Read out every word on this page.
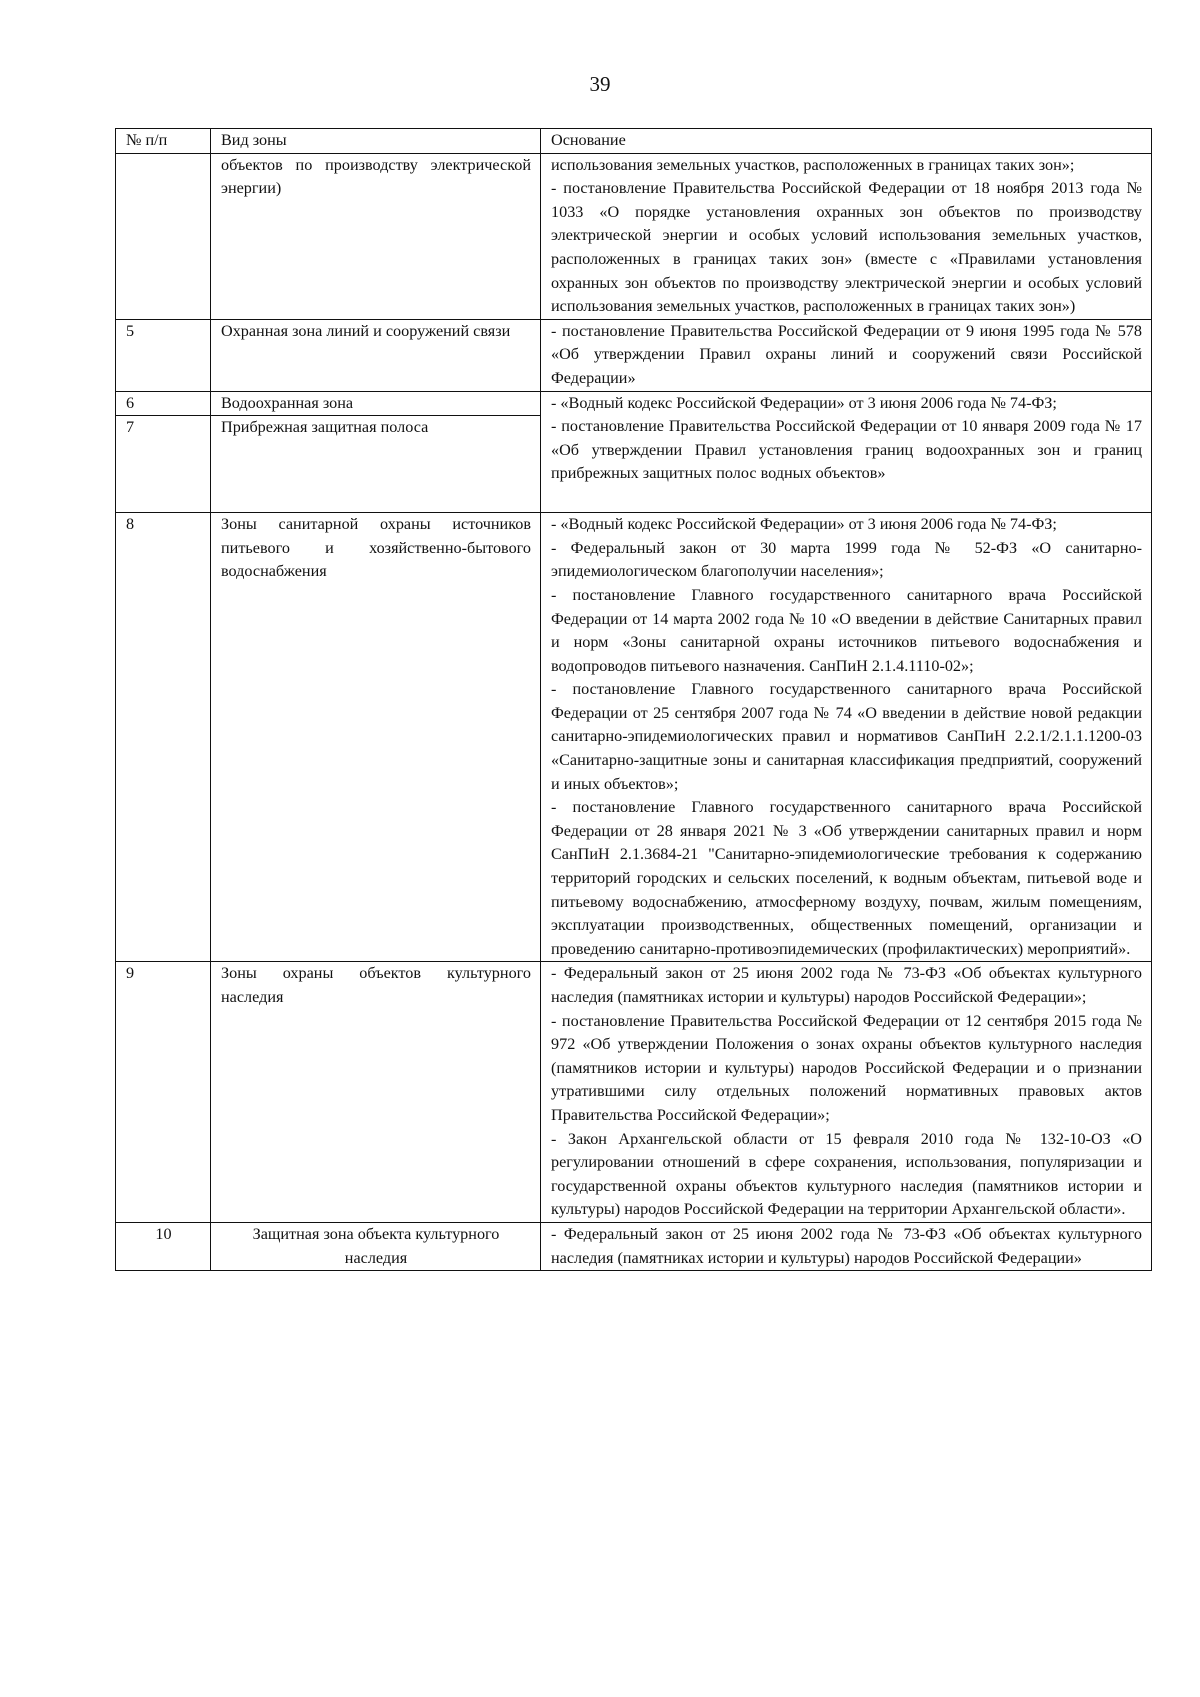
39
№ п/п	Вид зоны	Основание
	объектов по производству электрической энергии)	использования земельных участков, расположенных в границах таких зон»;

- постановление Правительства Российской Федерации от 18 ноября 2013 года № 1033 «О порядке установления охранных зон объектов по производству электрической энергии и особых условий использования земельных участков, расположенных в границах таких зон» (вместе с «Правилами установления охранных зон объектов по производству электрической энергии и особых условий использования земельных участков, расположенных в границах таких зон»)

5	Охранная зона линий и сооружений связи	- постановление Правительства Российской Федерации от 9 июня 1995 года № 578 «Об утверждении Правил охраны линий и сооружений связи Российской Федерации»

6	Водоохранная зона	- «Водный кодекс Российской Федерации» от 3 июня 2006 года № 74-ФЗ;

- постановление Правительства Российской Федерации от 10 января 2009 года № 17 «Об утверждении Правил установления границ водоохранных зон и границ прибрежных защитных полос водных объектов»

7	Прибрежная защитная полоса	
8	Зоны санитарной охраны источников питьевого и хозяйственно-бытового водоснабжения	- «Водный кодекс Российской Федерации» от 3 июня 2006 года № 74-ФЗ;

- Федеральный закон от 30 марта 1999 года № 52-ФЗ «О санитарно-эпидемиологическом благополучии населения»;

- постановление Главного государственного санитарного врача Российской Федерации от 14 марта 2002 года № 10 «О введении в действие Санитарных правил и норм «Зоны санитарной охраны источников питьевого водоснабжения и водопроводов питьевого назначения. СанПиН 2.1.4.1110-02»;

- постановление Главного государственного санитарного врача Российской Федерации от 25 сентября 2007 года № 74 «О введении в действие новой редакции санитарно-эпидемиологических правил и нормативов СанПиН 2.2.1/2.1.1.1200-03 «Санитарно-защитные зоны и санитарная классификация предприятий, сооружений и иных объектов»;

- постановление Главного государственного санитарного врача Российской Федерации от 28 января 2021 № 3 «Об утверждении санитарных правил и норм СанПиН 2.1.3684-21 "Санитарно-эпидемиологические требования к содержанию территорий городских и сельских поселений, к водным объектам, питьевой воде и питьевому водоснабжению, атмосферному воздуху, почвам, жилым помещениям, эксплуатации производственных, общественных помещений, организации и проведению санитарно-противоэпидемических (профилактических) мероприятий».

9	Зоны охраны объектов культурного наследия	- Федеральный закон от 25 июня 2002 года № 73-ФЗ «Об объектах культурного наследия (памятниках истории и культуры) народов Российской Федерации»;

- постановление Правительства Российской Федерации от 12 сентября 2015 года № 972 «Об утверждении Положения о зонах охраны объектов культурного наследия (памятников истории и культуры) народов Российской Федерации и о признании утратившими силу отдельных положений нормативных правовых актов Правительства Российской Федерации»;

- Закон Архангельской области от 15 февраля 2010 года № 132-10-ОЗ «О регулировании отношений в сфере сохранения, использования, популяризации и государственной охраны объектов культурного наследия (памятников истории и культуры) народов Российской Федерации на территории Архангельской области».

10	Защитная зона объекта культурного наследия	- Федеральный закон от 25 июня 2002 года № 73-ФЗ «Об объектах культурного наследия (памятниках истории и культуры) народов Российской Федерации»
